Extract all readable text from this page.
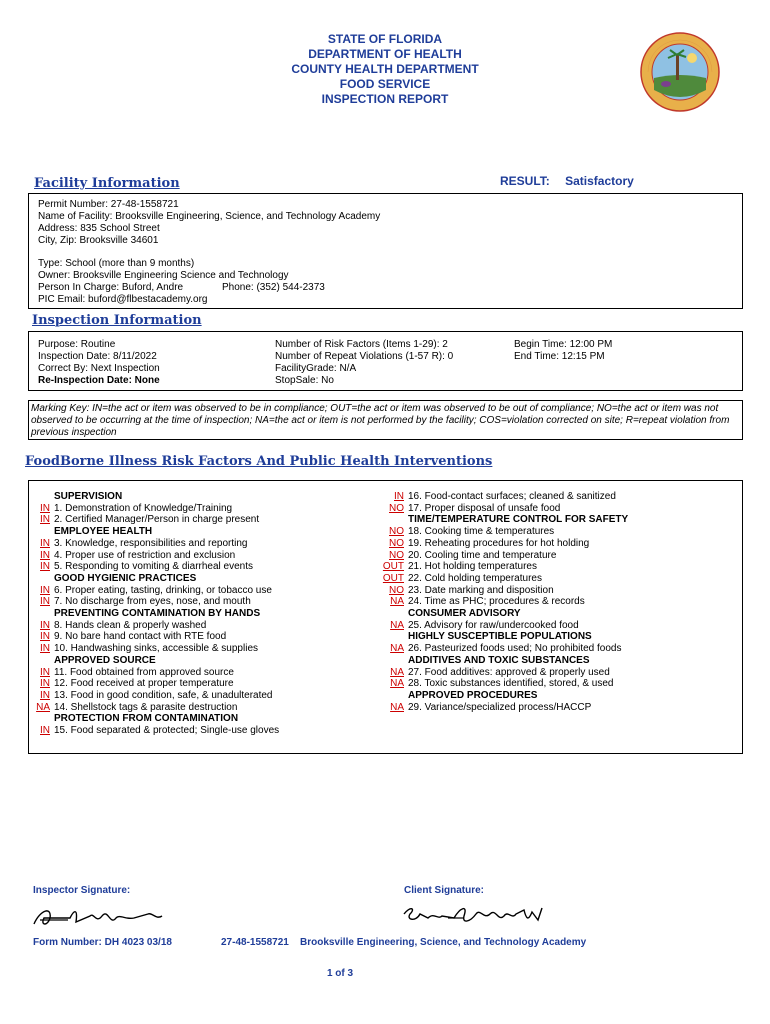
STATE OF FLORIDA
DEPARTMENT OF HEALTH
COUNTY HEALTH DEPARTMENT
FOOD SERVICE
INSPECTION REPORT
Facility Information	RESULT: Satisfactory
Permit Number: 27-48-1558721
Name of Facility: Brooksville Engineering, Science, and Technology Academy
Address: 835 School Street
City, Zip: Brooksville 34601
Type: School (more than 9 months)
Owner: Brooksville Engineering Science and Technology
Person In Charge: Buford, Andre	Phone: (352) 544-2373
PIC Email: buford@flbestacademy.org
Inspection Information
Purpose: Routine
Inspection Date: 8/11/2022
Correct By: Next Inspection
Re-Inspection Date: None
Number of Risk Factors (Items 1-29): 2
Number of Repeat Violations (1-57 R): 0
FacilityGrade: N/A
StopSale: No
Begin Time: 12:00 PM
End Time: 12:15 PM
Marking Key: IN=the act or item was observed to be in compliance; OUT=the act or item was observed to be out of compliance; NO=the act or item was not observed to be occurring at the time of inspection; NA=the act or item is not performed by the facility; COS=violation corrected on site; R=repeat violation from previous inspection
FoodBorne Illness Risk Factors And Public Health Interventions
SUPERVISION
IN 1. Demonstration of Knowledge/Training
IN 2. Certified Manager/Person in charge present
EMPLOYEE HEALTH
IN 3. Knowledge, responsibilities and reporting
IN 4. Proper use of restriction and exclusion
IN 5. Responding to vomiting & diarrheal events
GOOD HYGIENIC PRACTICES
IN 6. Proper eating, tasting, drinking, or tobacco use
IN 7. No discharge from eyes, nose, and mouth
PREVENTING CONTAMINATION BY HANDS
IN 8. Hands clean & properly washed
IN 9. No bare hand contact with RTE food
IN 10. Handwashing sinks, accessible & supplies
APPROVED SOURCE
IN 11. Food obtained from approved source
IN 12. Food received at proper temperature
IN 13. Food in good condition, safe, & unadulterated
NA 14. Shellstock tags & parasite destruction
PROTECTION FROM CONTAMINATION
IN 15. Food separated & protected; Single-use gloves
IN 16. Food-contact surfaces; cleaned & sanitized
NO 17. Proper disposal of unsafe food
TIME/TEMPERATURE CONTROL FOR SAFETY
NO 18. Cooking time & temperatures
NO 19. Reheating procedures for hot holding
NO 20. Cooling time and temperature
OUT 21. Hot holding temperatures
OUT 22. Cold holding temperatures
NO 23. Date marking and disposition
NA 24. Time as PHC; procedures & records
CONSUMER ADVISORY
NA 25. Advisory for raw/undercooked food
HIGHLY SUSCEPTIBLE POPULATIONS
NA 26. Pasteurized foods used; No prohibited foods
ADDITIVES AND TOXIC SUBSTANCES
NA 27. Food additives: approved & properly used
NA 28. Toxic substances identified, stored, & used
APPROVED PROCEDURES
NA 29. Variance/specialized process/HACCP
Inspector Signature:	Client Signature:
Form Number: DH 4023 03/18	27-48-1558721 Brooksville Engineering, Science, and Technology Academy
1 of 3
